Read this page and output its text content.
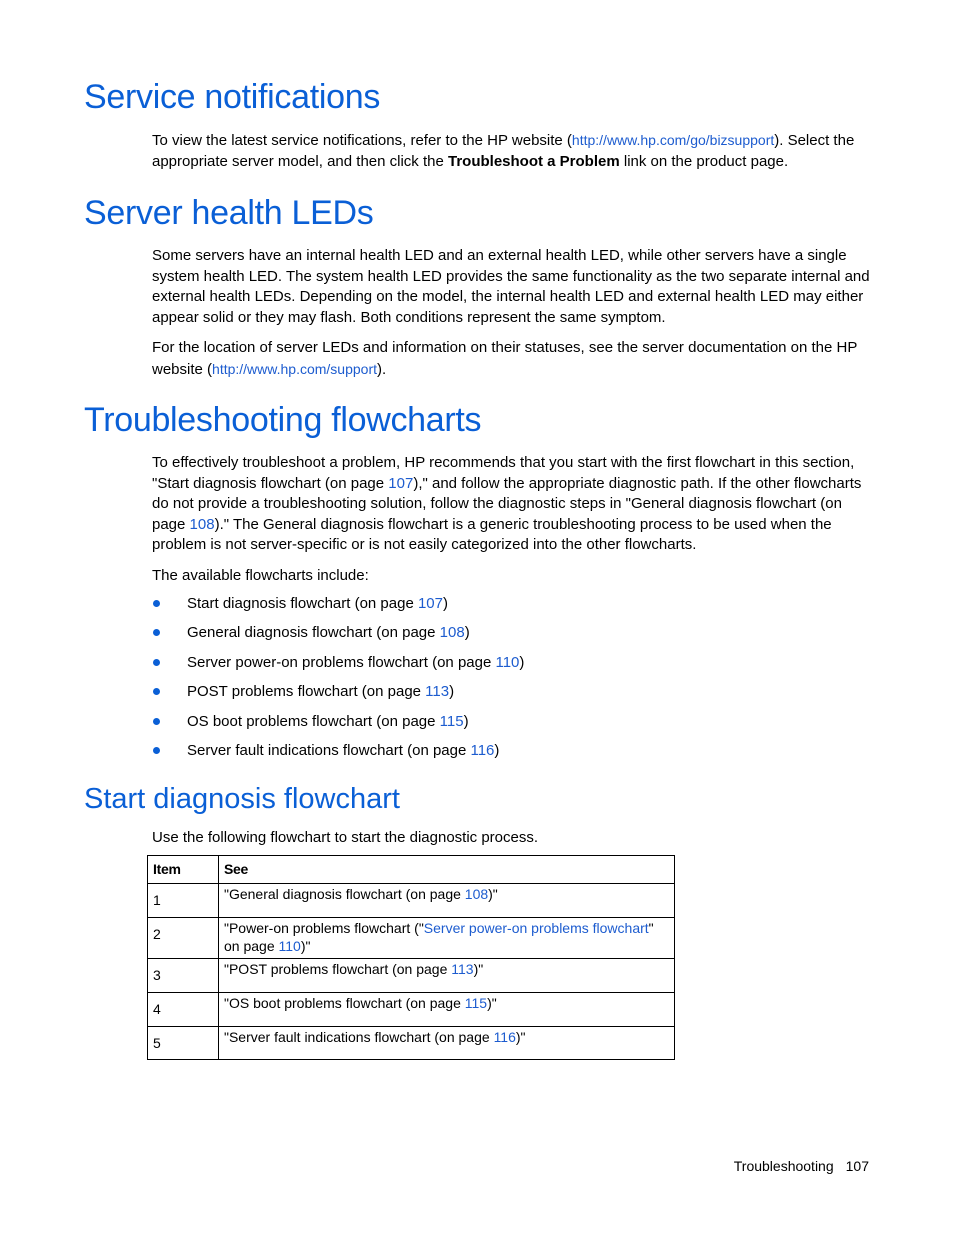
Service notifications

To view the latest service notifications, refer to the HP website (http://www.hp.com/go/bizsupport). Select the appropriate server model, and then click the Troubleshoot a Problem link on the product page.

Server health LEDs

Some servers have an internal health LED and an external health LED, while other servers have a single system health LED. The system health LED provides the same functionality as the two separate internal and external health LEDs. Depending on the model, the internal health LED and external health LED may either appear solid or they may flash. Both conditions represent the same symptom.

For the location of server LEDs and information on their statuses, see the server documentation on the HP website (http://www.hp.com/support).

Troubleshooting flowcharts

To effectively troubleshoot a problem, HP recommends that you start with the first flowchart in this section, "Start diagnosis flowchart (on page 107)," and follow the appropriate diagnostic path. If the other flowcharts do not provide a troubleshooting solution, follow the diagnostic steps in "General diagnosis flowchart (on page 108)." The General diagnosis flowchart is a generic troubleshooting process to be used when the problem is not server-specific or is not easily categorized into the other flowcharts.

The available flowcharts include:

Start diagnosis flowchart (on page 107)
General diagnosis flowchart (on page 108)
Server power-on problems flowchart (on page 110)
POST problems flowchart (on page 113)
OS boot problems flowchart (on page 115)
Server fault indications flowchart (on page 116)
Start diagnosis flowchart

Use the following flowchart to start the diagnostic process.

Item	See
1	"General diagnosis flowchart (on page 108)"
2	"Power-on problems flowchart ("Server power-on problems flowchart" on page 110)"
3	"POST problems flowchart (on page 113)"
4	"OS boot problems flowchart (on page 115)"
5	"Server fault indications flowchart (on page 116)"
Troubleshooting 107
